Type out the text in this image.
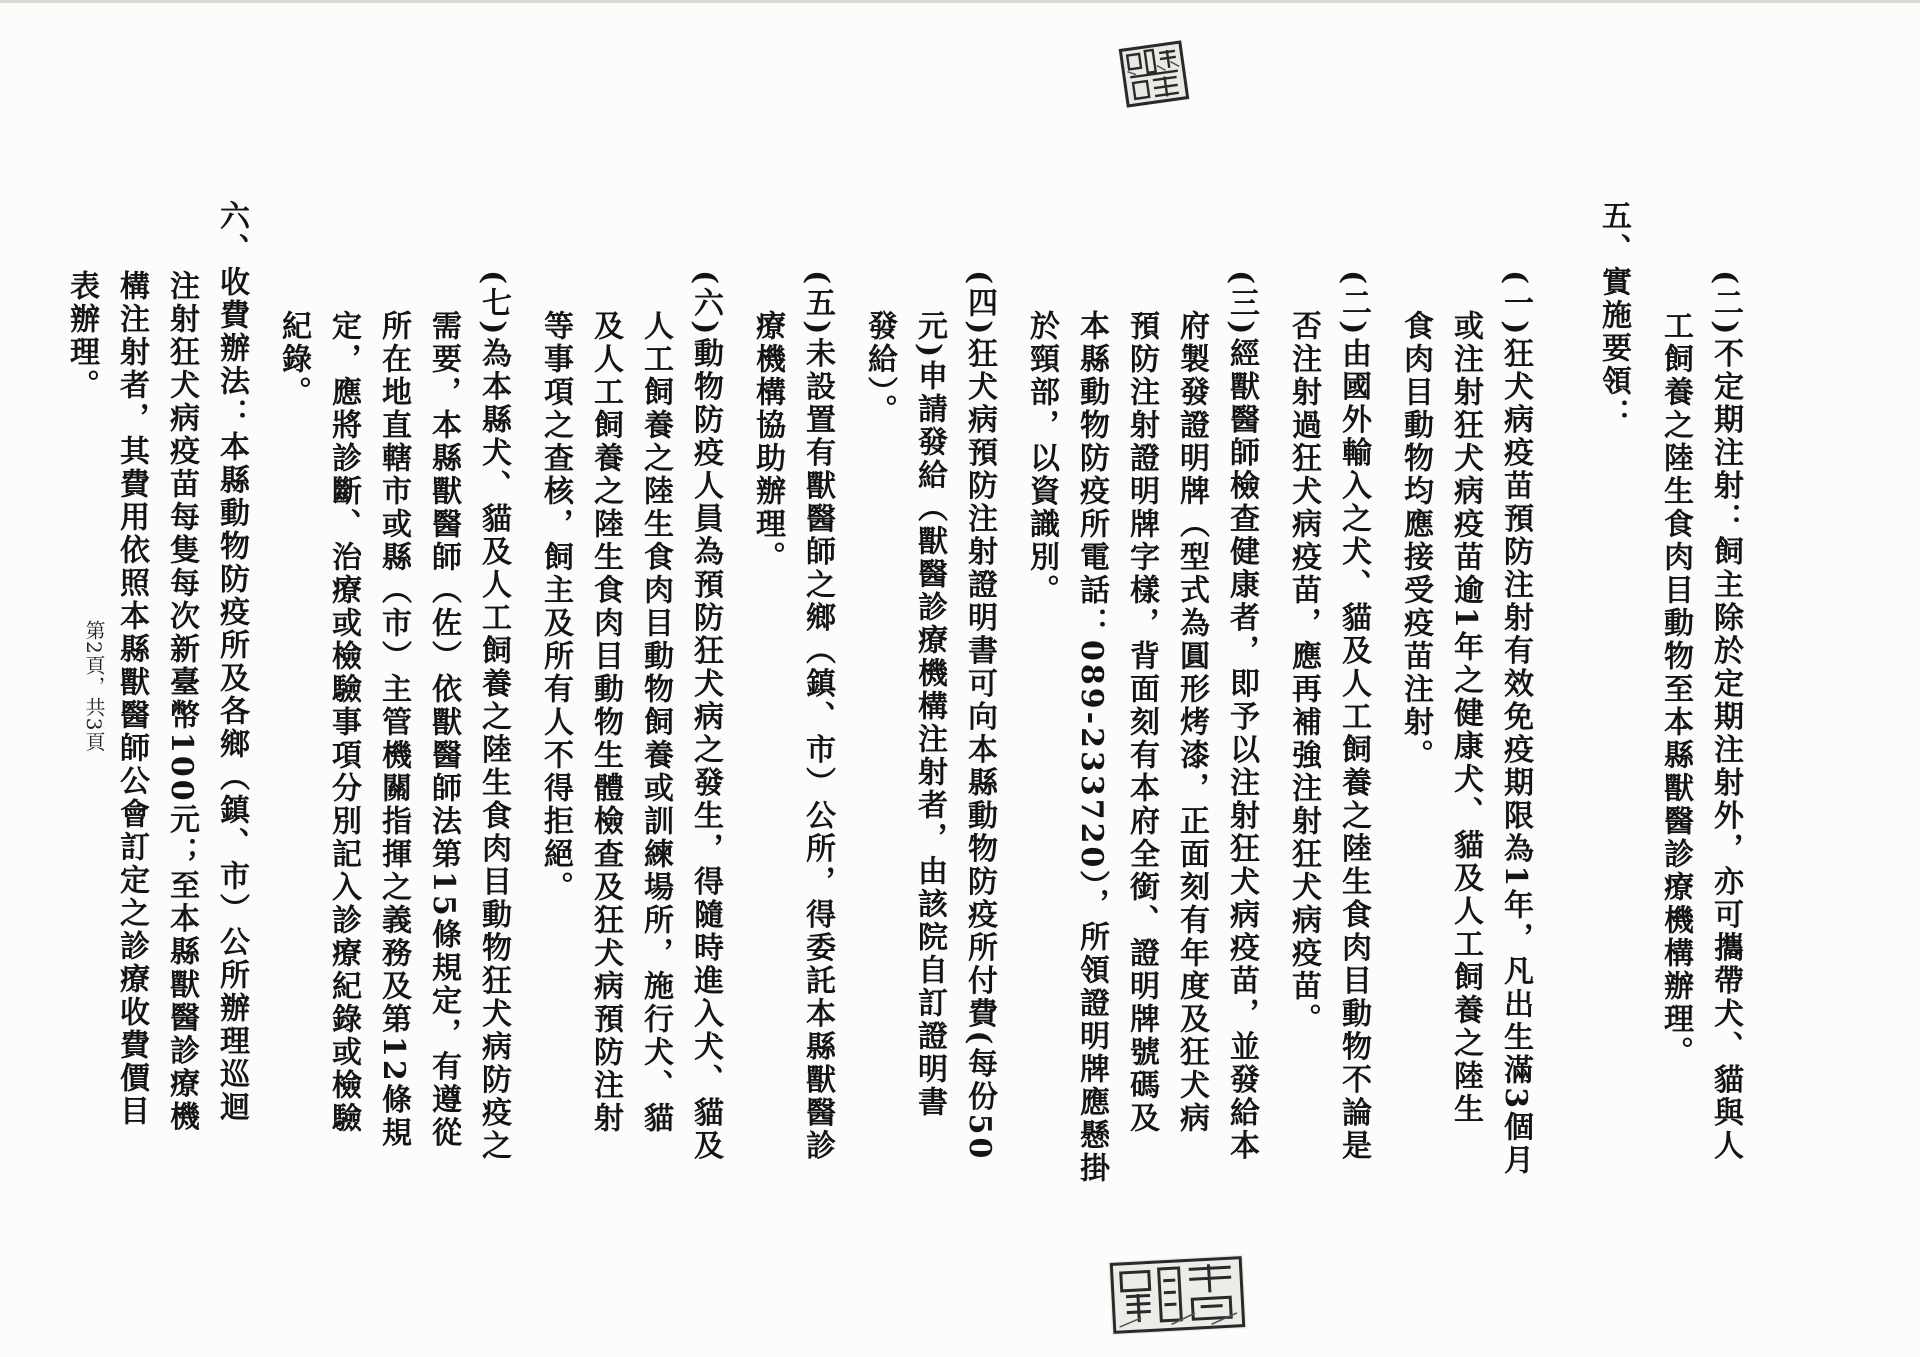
(二)不定期注射：飼主除於定期注射外，亦可攜帶犬、貓與人
工飼養之陸生食肉目動物至本縣獸醫診療機構辦理。
五、實施要領：
(一)狂犬病疫苗預防注射有效免疫期限為1年，凡出生滿3個月
或注射狂犬病疫苗逾1年之健康犬、貓及人工飼養之陸生
食肉目動物均應接受疫苗注射。
(二)由國外輸入之犬、貓及人工飼養之陸生食肉目動物不論是
否注射過狂犬病疫苗，應再補強注射狂犬病疫苗。
(三)經獸醫師檢查健康者，即予以注射狂犬病疫苗，並發給本
府製發證明牌（型式為圓形烤漆，正面刻有年度及狂犬病
預防注射證明牌字樣，背面刻有本府全銜、證明牌號碼及
本縣動物防疫所電話：089-233720），所領證明牌應懸掛
於頸部，以資識別。
(四)狂犬病預防注射證明書可向本縣動物防疫所付費(每份50
元)申請發給（獸醫診療機構注射者，由該院自訂證明書
發給）。
(五)未設置有獸醫師之鄉（鎮、市）公所，得委託本縣獸醫診
療機構協助辦理。
(六)動物防疫人員為預防狂犬病之發生，得隨時進入犬、貓及
人工飼養之陸生食肉目動物飼養或訓練場所，施行犬、貓
及人工飼養之陸生食肉目動物生體檢查及狂犬病預防注射
等事項之查核，飼主及所有人不得拒絕。
(七)為本縣犬、貓及人工飼養之陸生食肉目動物狂犬病防疫之
需要，本縣獸醫師（佐）依獸醫師法第15條規定，有遵從
所在地直轄市或縣（市）主管機關指揮之義務及第12條規
定，應將診斷、治療或檢驗事項分別記入診療紀錄或檢驗
紀錄。
六、收費辦法：本縣動物防疫所及各鄉（鎮、市）公所辦理巡迴
注射狂犬病疫苗每隻每次新臺幣100元；至本縣獸醫診療機
構注射者，其費用依照本縣獸醫師公會訂定之診療收費價目
表辦理。
第2頁，共3頁
